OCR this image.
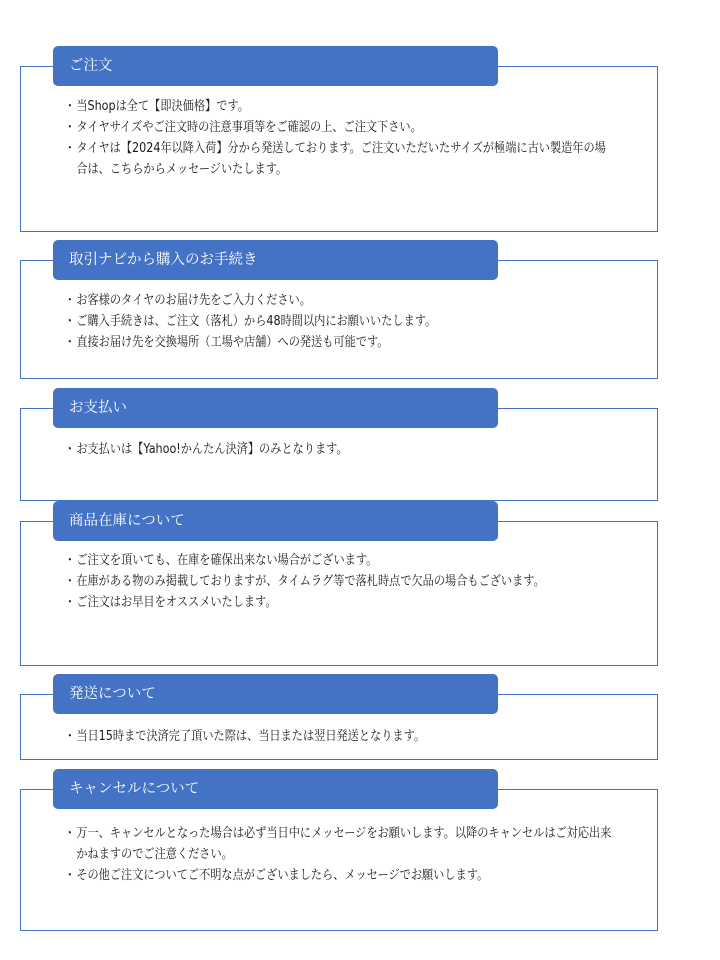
ご注文
・ 当Shopは全て【即決価格】です。
・ タイヤサイズやご注文時の注意事項等をご確認の上、ご注文下さい。
・ タイヤは【2024年以降入荷】分から発送しております。ご注文いただいたサイズが極端に古い製造年の場合は、こちらからメッセージいたします。
取引ナビから購入のお手続き
・ お客様のタイヤのお届け先をご入力ください。
・ ご購入手続きは、ご注文（落札）から48時間以内にお願いいたします。
・ 直接お届け先を交換場所（工場や店舗）への発送も可能です。
お支払い
・ お支払いは【Yahoo!かんたん決済】のみとなります。
商品在庫について
・ ご注文を頂いても、在庫を確保出来ない場合がございます。
・ 在庫がある物のみ掲載しておりますが、タイムラグ等で落札時点で欠品の場合もございます。
・ ご注文はお早目をオススメいたします。
発送について
・ 当日15時まで決済完了頂いた際は、当日または翌日発送となります。
キャンセルについて
・ 万一、キャンセルとなった場合は必ず当日中にメッセージをお願いします。以降のキャンセルはご対応出来かねますのでご注意ください。
・ その他ご注文についてご不明な点がございましたら、メッセージでお願いします。
